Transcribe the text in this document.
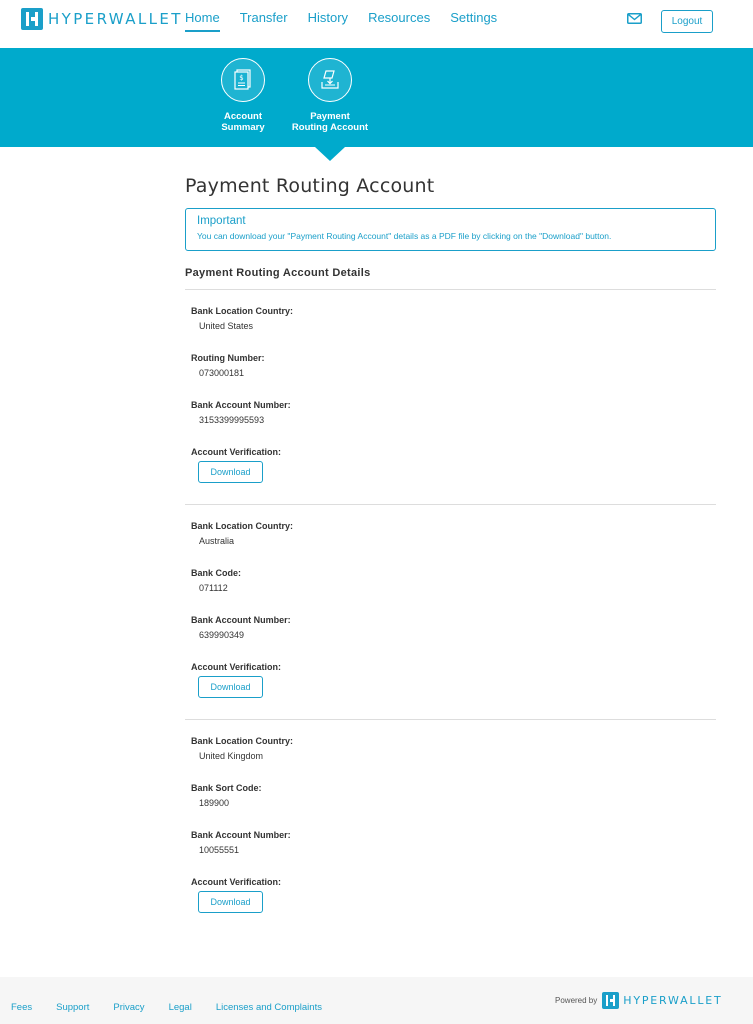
HYPERWALLET Home Transfer History Resources Settings	Logout
$
Account
Summary
Payment
Routing Account
Payment Routing Account
Important
You can download your "Payment Routing Account" details as a PDF file by clicking on the "Download" button.
Payment Routing Account Details
Bank Location Country:
United States
Routing Number:
073000181
Bank Account Number:
3153399995593
Account Verification:
Download
Bank Location Country:
Australia
Bank Code:
071112
Bank Account Number:
639990349
Account Verification:
Download
Bank Location Country:
United Kingdom
Bank Sort Code:
189900
Bank Account Number:
10055551
Account Verification:
Download
Fees	Support	Privacy	Legal	Licenses and Complaints
Powered by HYPERWALLET
